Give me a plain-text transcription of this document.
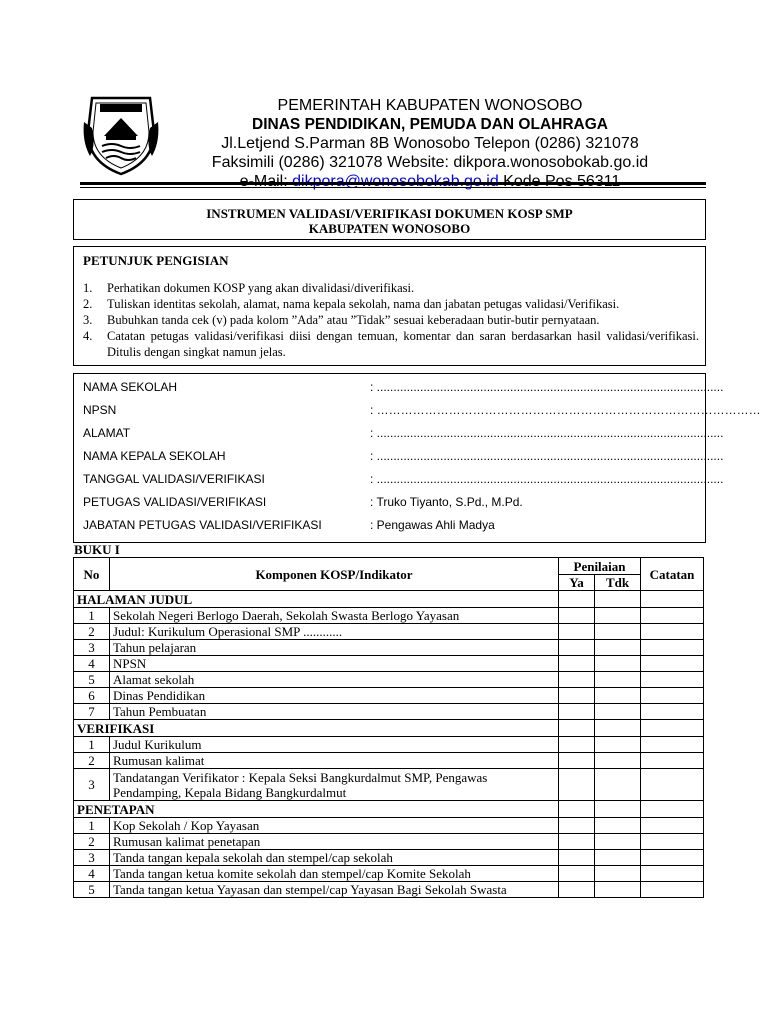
PEMERINTAH KABUPATEN WONOSOBO
DINAS PENDIDIKAN, PEMUDA DAN OLAHRAGA
Jl.Letjend S.Parman 8B Wonosobo Telepon (0286) 321078
Faksimili (0286) 321078 Website: dikpora.wonosobokab.go.id
INSTRUMEN VALIDASI/VERIFIKASI DOKUMEN KOSP SMP
KABUPATEN WONOSOBO
PETUNJUK PENGISIAN
1. Perhatikan dokumen KOSP yang akan divalidasi/diverifikasi.
2. Tuliskan identitas sekolah, alamat, nama kepala sekolah, nama dan jabatan petugas validasi/Verifikasi.
3. Bubuhkan tanda cek (v) pada kolom ”Ada” atau ”Tidak” sesuai keberadaan butir-butir pernyataan.
4. Catatan petugas validasi/verifikasi diisi dengan temuan, komentar dan saran berdasarkan hasil validasi/verifikasi. Ditulis dengan singkat namun jelas.
NAMA SEKOLAH	: ........................................................................................................
NPSN	: ……………………………………………………………………………………
ALAMAT	: ........................................................................................................
NAMA KEPALA SEKOLAH	: ........................................................................................................
TANGGAL VALIDASI/VERIFIKASI	: ........................................................................................................
PETUGAS VALIDASI/VERIFIKASI	: Truko Tiyanto, S.Pd., M.Pd.
JABATAN PETUGAS VALIDASI/VERIFIKASI	: Pengawas Ahli Madya
BUKU I
No	Komponen KOSP/Indikator	Penilaian		Catatan
		Ya	Tdk	
HALAMAN JUDUL				
1	Sekolah Negeri Berlogo Daerah, Sekolah Swasta Berlogo Yayasan			
2	Judul: Kurikulum Operasional SMP ............			
3	Tahun pelajaran			
4	NPSN			
5	Alamat sekolah			
6	Dinas Pendidikan			
7	Tahun Pembuatan			
VERIFIKASI				
1	Judul Kurikulum			
2	Rumusan kalimat			
3	Tandatangan Verifikator : Kepala Seksi Bangkurdalmut SMP, Pengawas Pendamping, Kepala Bidang Bangkurdalmut			
PENETAPAN				
1	Kop Sekolah / Kop Yayasan			
2	Rumusan kalimat penetapan			
3	Tanda tangan kepala sekolah dan stempel/cap sekolah			
4	Tanda tangan ketua komite sekolah dan stempel/cap Komite Sekolah			
5	Tanda tangan ketua Yayasan dan stempel/cap Yayasan Bagi Sekolah Swasta			
